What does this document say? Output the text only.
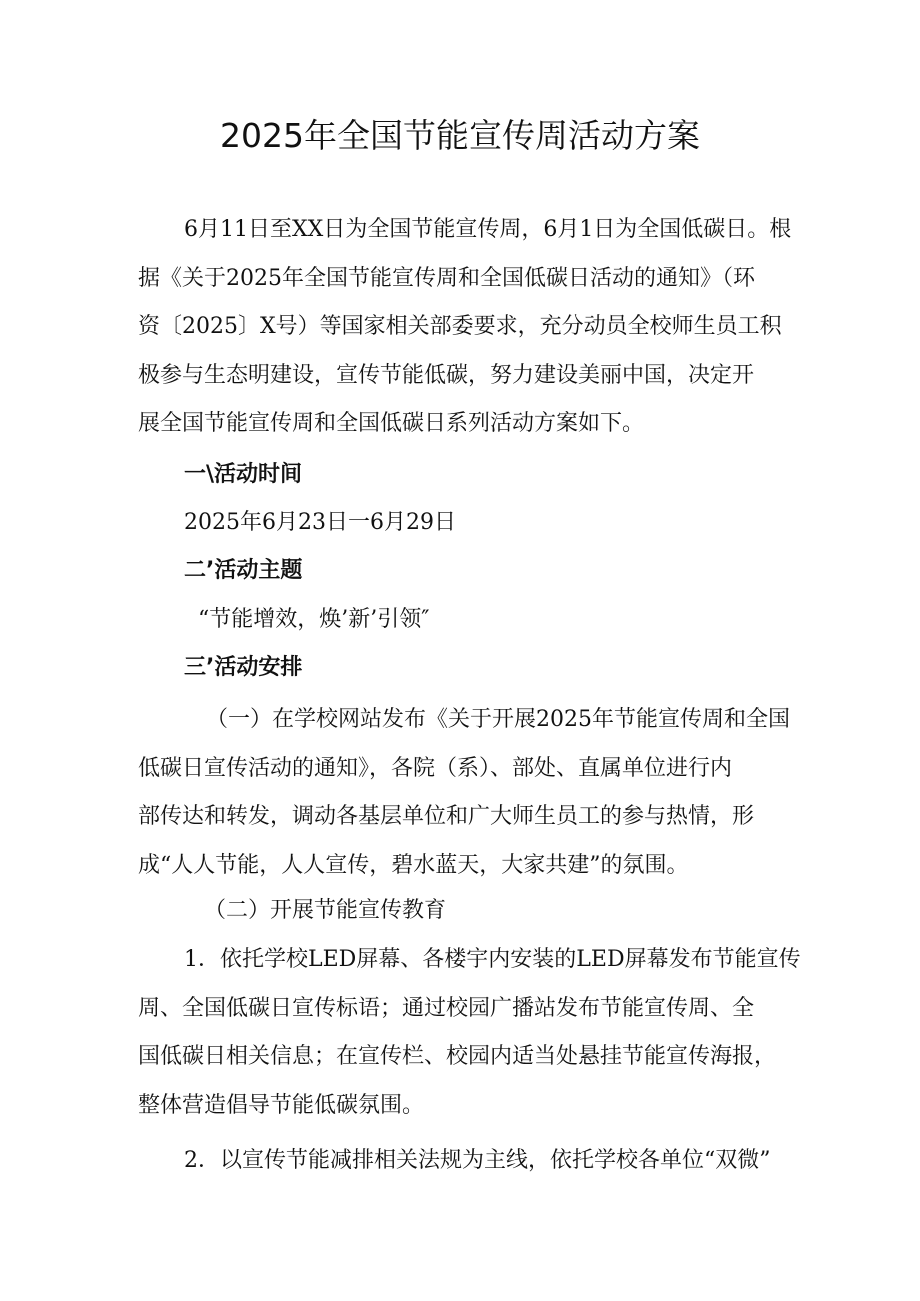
2025年全国节能宣传周活动方案
6月11日至XX日为全国节能宣传周，6月1日为全国低碳日。根
据《关于2025年全国节能宣传周和全国低碳日活动的通知》（环
资〔2025〕X号）等国家相关部委要求，充分动员全校师生员工积
极参与生态明建设，宣传节能低碳，努力建设美丽中国，决定开
展全国节能宣传周和全国低碳日系列活动方案如下。
一\活动时间
2025年6月23日一6月29日
二’活动主题
“节能增效，焕’新’引领″
三’活动安排
（一）在学校网站发布《关于开展2025年节能宣传周和全国
低碳日宣传活动的通知》，各院（系）、部处、直属单位进行内
部传达和转发，调动各基层单位和广大师生员工的参与热情，形
成“人人节能，人人宣传，碧水蓝天，大家共建”的氛围。
（二）开展节能宣传教育
1．依托学校LED屏幕、各楼宇内安装的LED屏幕发布节能宣传
周、全国低碳日宣传标语；通过校园广播站发布节能宣传周、全
国低碳日相关信息；在宣传栏、校园内适当处悬挂节能宣传海报，
整体营造倡导节能低碳氛围。
2．以宣传节能减排相关法规为主线，依托学校各单位“双微”
